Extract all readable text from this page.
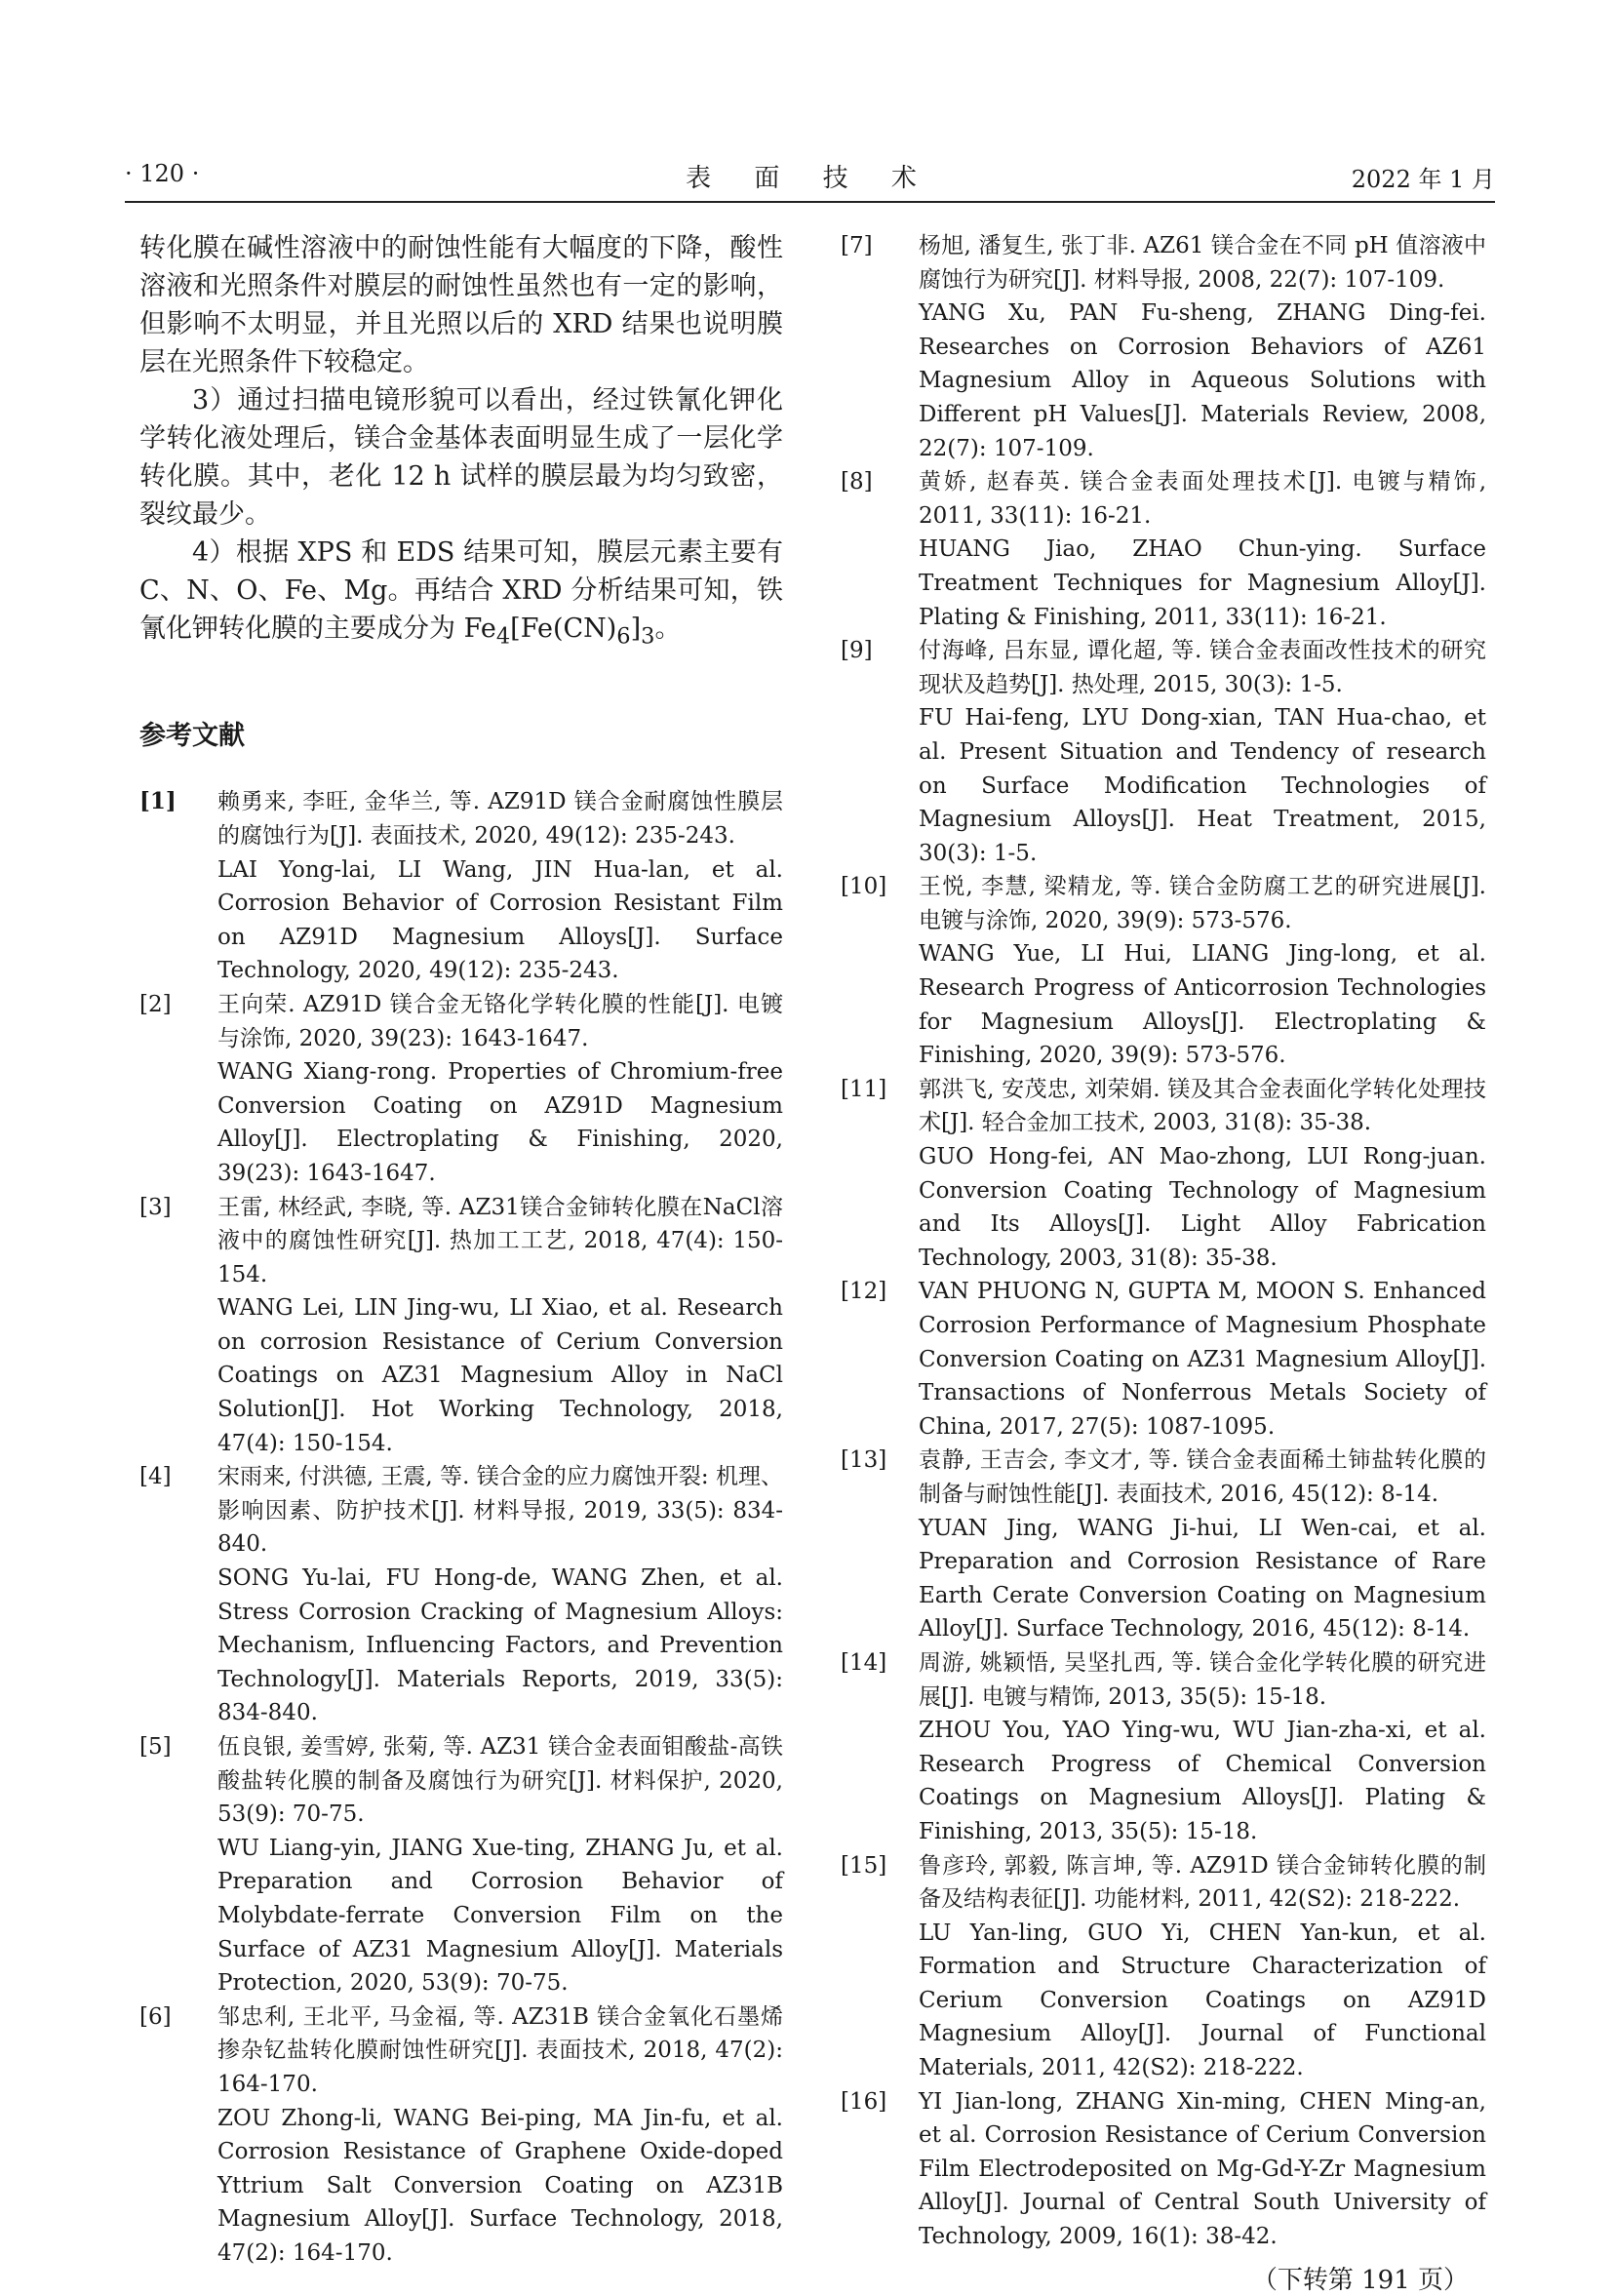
· 120 ·	表 面 技 术	2022 年 1 月

转化膜在碱性溶液中的耐蚀性能有大幅度的下降，酸性溶液和光照条件对膜层的耐蚀性虽然也有一定的影响，但影响不太明显，并且光照以后的 XRD 结果也说明膜层在光照条件下较稳定。

3）通过扫描电镜形貌可以看出，经过铁氰化钾化学转化液处理后，镁合金基体表面明显生成了一层化学转化膜。其中，老化 12 h 试样的膜层最为均匀致密，裂纹最少。

4）根据 XPS 和 EDS 结果可知，膜层元素主要有 C、N、O、Fe、Mg。再结合 XRD 分析结果可知，铁氰化钾转化膜的主要成分为 $Fe_4[Fe(CN)_6]_3$。

参考文献
[1] 赖勇来, 李旺, 金华兰, 等. AZ91D 镁合金耐腐蚀性膜层的腐蚀行为[J]. 表面技术, 2020, 49(12): 235-243.
LAI Yong-lai, LI Wang, JIN Hua-lan, et al. Corrosion Behavior of Corrosion Resistant Film on AZ91D Magnesium Alloys[J]. Surface Technology, 2020, 49(12): 235-243.
[2] 王向荣. AZ91D 镁合金无铬化学转化膜的性能[J]. 电镀与涂饰, 2020, 39(23): 1643-1647.
WANG Xiang-rong. Properties of Chromium-free Conversion Coating on AZ91D Magnesium Alloy[J]. Electroplating & Finishing, 2020, 39(23): 1643-1647.
[3] 王雷, 林经武, 李晓, 等. AZ31镁合金铈转化膜在NaCl溶液中的腐蚀性研究[J]. 热加工工艺, 2018, 47(4): 150-154.
WANG Lei, LIN Jing-wu, LI Xiao, et al. Research on corrosion Resistance of Cerium Conversion Coatings on AZ31 Magnesium Alloy in NaCl Solution[J]. Hot Working Technology, 2018, 47(4): 150-154.
[4] 宋雨来, 付洪德, 王震, 等. 镁合金的应力腐蚀开裂: 机理、影响因素、防护技术[J]. 材料导报, 2019, 33(5): 834-840.
SONG Yu-lai, FU Hong-de, WANG Zhen, et al. Stress Corrosion Cracking of Magnesium Alloys: Mechanism, Influencing Factors, and Prevention Technology[J]. Materials Reports, 2019, 33(5): 834-840.
[5] 伍良银, 姜雪婷, 张菊, 等. AZ31 镁合金表面钼酸盐-高铁酸盐转化膜的制备及腐蚀行为研究[J]. 材料保护, 2020, 53(9): 70-75.
WU Liang-yin, JIANG Xue-ting, ZHANG Ju, et al. Preparation and Corrosion Behavior of Molybdate-ferrate Conversion Film on the Surface of AZ31 Magnesium Alloy[J]. Materials Protection, 2020, 53(9): 70-75.
[6] 邹忠利, 王北平, 马金福, 等. AZ31B 镁合金氧化石墨烯掺杂钇盐转化膜耐蚀性研究[J]. 表面技术, 2018, 47(2): 164-170.
ZOU Zhong-li, WANG Bei-ping, MA Jin-fu, et al. Corrosion Resistance of Graphene Oxide-doped Yttrium Salt Conversion Coating on AZ31B Magnesium Alloy[J]. Surface Technology, 2018, 47(2): 164-170.
[7] 杨旭, 潘复生, 张丁非. AZ61 镁合金在不同 pH 值溶液中腐蚀行为研究[J]. 材料导报, 2008, 22(7): 107-109.
YANG Xu, PAN Fu-sheng, ZHANG Ding-fei. Researches on Corrosion Behaviors of AZ61 Magnesium Alloy in Aqueous Solutions with Different pH Values[J]. Materials Review, 2008, 22(7): 107-109.
[8] 黄娇, 赵春英. 镁合金表面处理技术[J]. 电镀与精饰, 2011, 33(11): 16-21.
HUANG Jiao, ZHAO Chun-ying. Surface Treatment Techniques for Magnesium Alloy[J]. Plating & Finishing, 2011, 33(11): 16-21.
[9] 付海峰, 吕东显, 谭化超, 等. 镁合金表面改性技术的研究现状及趋势[J]. 热处理, 2015, 30(3): 1-5.
FU Hai-feng, LYU Dong-xian, TAN Hua-chao, et al. Present Situation and Tendency of research on Surface Modification Technologies of Magnesium Alloys[J]. Heat Treatment, 2015, 30(3): 1-5.
[10] 王悦, 李慧, 梁精龙, 等. 镁合金防腐工艺的研究进展[J]. 电镀与涂饰, 2020, 39(9): 573-576.
WANG Yue, LI Hui, LIANG Jing-long, et al. Research Progress of Anticorrosion Technologies for Magnesium Alloys[J]. Electroplating & Finishing, 2020, 39(9): 573-576.
[11] 郭洪飞, 安茂忠, 刘荣娟. 镁及其合金表面化学转化处理技术[J]. 轻合金加工技术, 2003, 31(8): 35-38.
GUO Hong-fei, AN Mao-zhong, LUI Rong-juan. Conversion Coating Technology of Magnesium and Its Alloys[J]. Light Alloy Fabrication Technology, 2003, 31(8): 35-38.
[12] VAN PHUONG N, GUPTA M, MOON S. Enhanced Corrosion Performance of Magnesium Phosphate Conversion Coating on AZ31 Magnesium Alloy[J]. Transactions of Nonferrous Metals Society of China, 2017, 27(5): 1087-1095.
[13] 袁静, 王吉会, 李文才, 等. 镁合金表面稀土铈盐转化膜的制备与耐蚀性能[J]. 表面技术, 2016, 45(12): 8-14.
YUAN Jing, WANG Ji-hui, LI Wen-cai, et al. Preparation and Corrosion Resistance of Rare Earth Cerate Conversion Coating on Magnesium Alloy[J]. Surface Technology, 2016, 45(12): 8-14.
[14] 周游, 姚颖悟, 吴坚扎西, 等. 镁合金化学转化膜的研究进展[J]. 电镀与精饰, 2013, 35(5): 15-18.
ZHOU You, YAO Ying-wu, WU Jian-zha-xi, et al. Research Progress of Chemical Conversion Coatings on Magnesium Alloys[J]. Plating & Finishing, 2013, 35(5): 15-18.
[15] 鲁彦玲, 郭毅, 陈言坤, 等. AZ91D 镁合金铈转化膜的制备及结构表征[J]. 功能材料, 2011, 42(S2): 218-222.
LU Yan-ling, GUO Yi, CHEN Yan-kun, et al. Formation and Structure Characterization of Cerium Conversion Coatings on AZ91D Magnesium Alloy[J]. Journal of Functional Materials, 2011, 42(S2): 218-222.
[16] YI Jian-long, ZHANG Xin-ming, CHEN Ming-an, et al. Corrosion Resistance of Cerium Conversion Film Electrodeposited on Mg-Gd-Y-Zr Magnesium Alloy[J]. Journal of Central South University of Technology, 2009, 16(1): 38-42.
（下转第 191 页）
